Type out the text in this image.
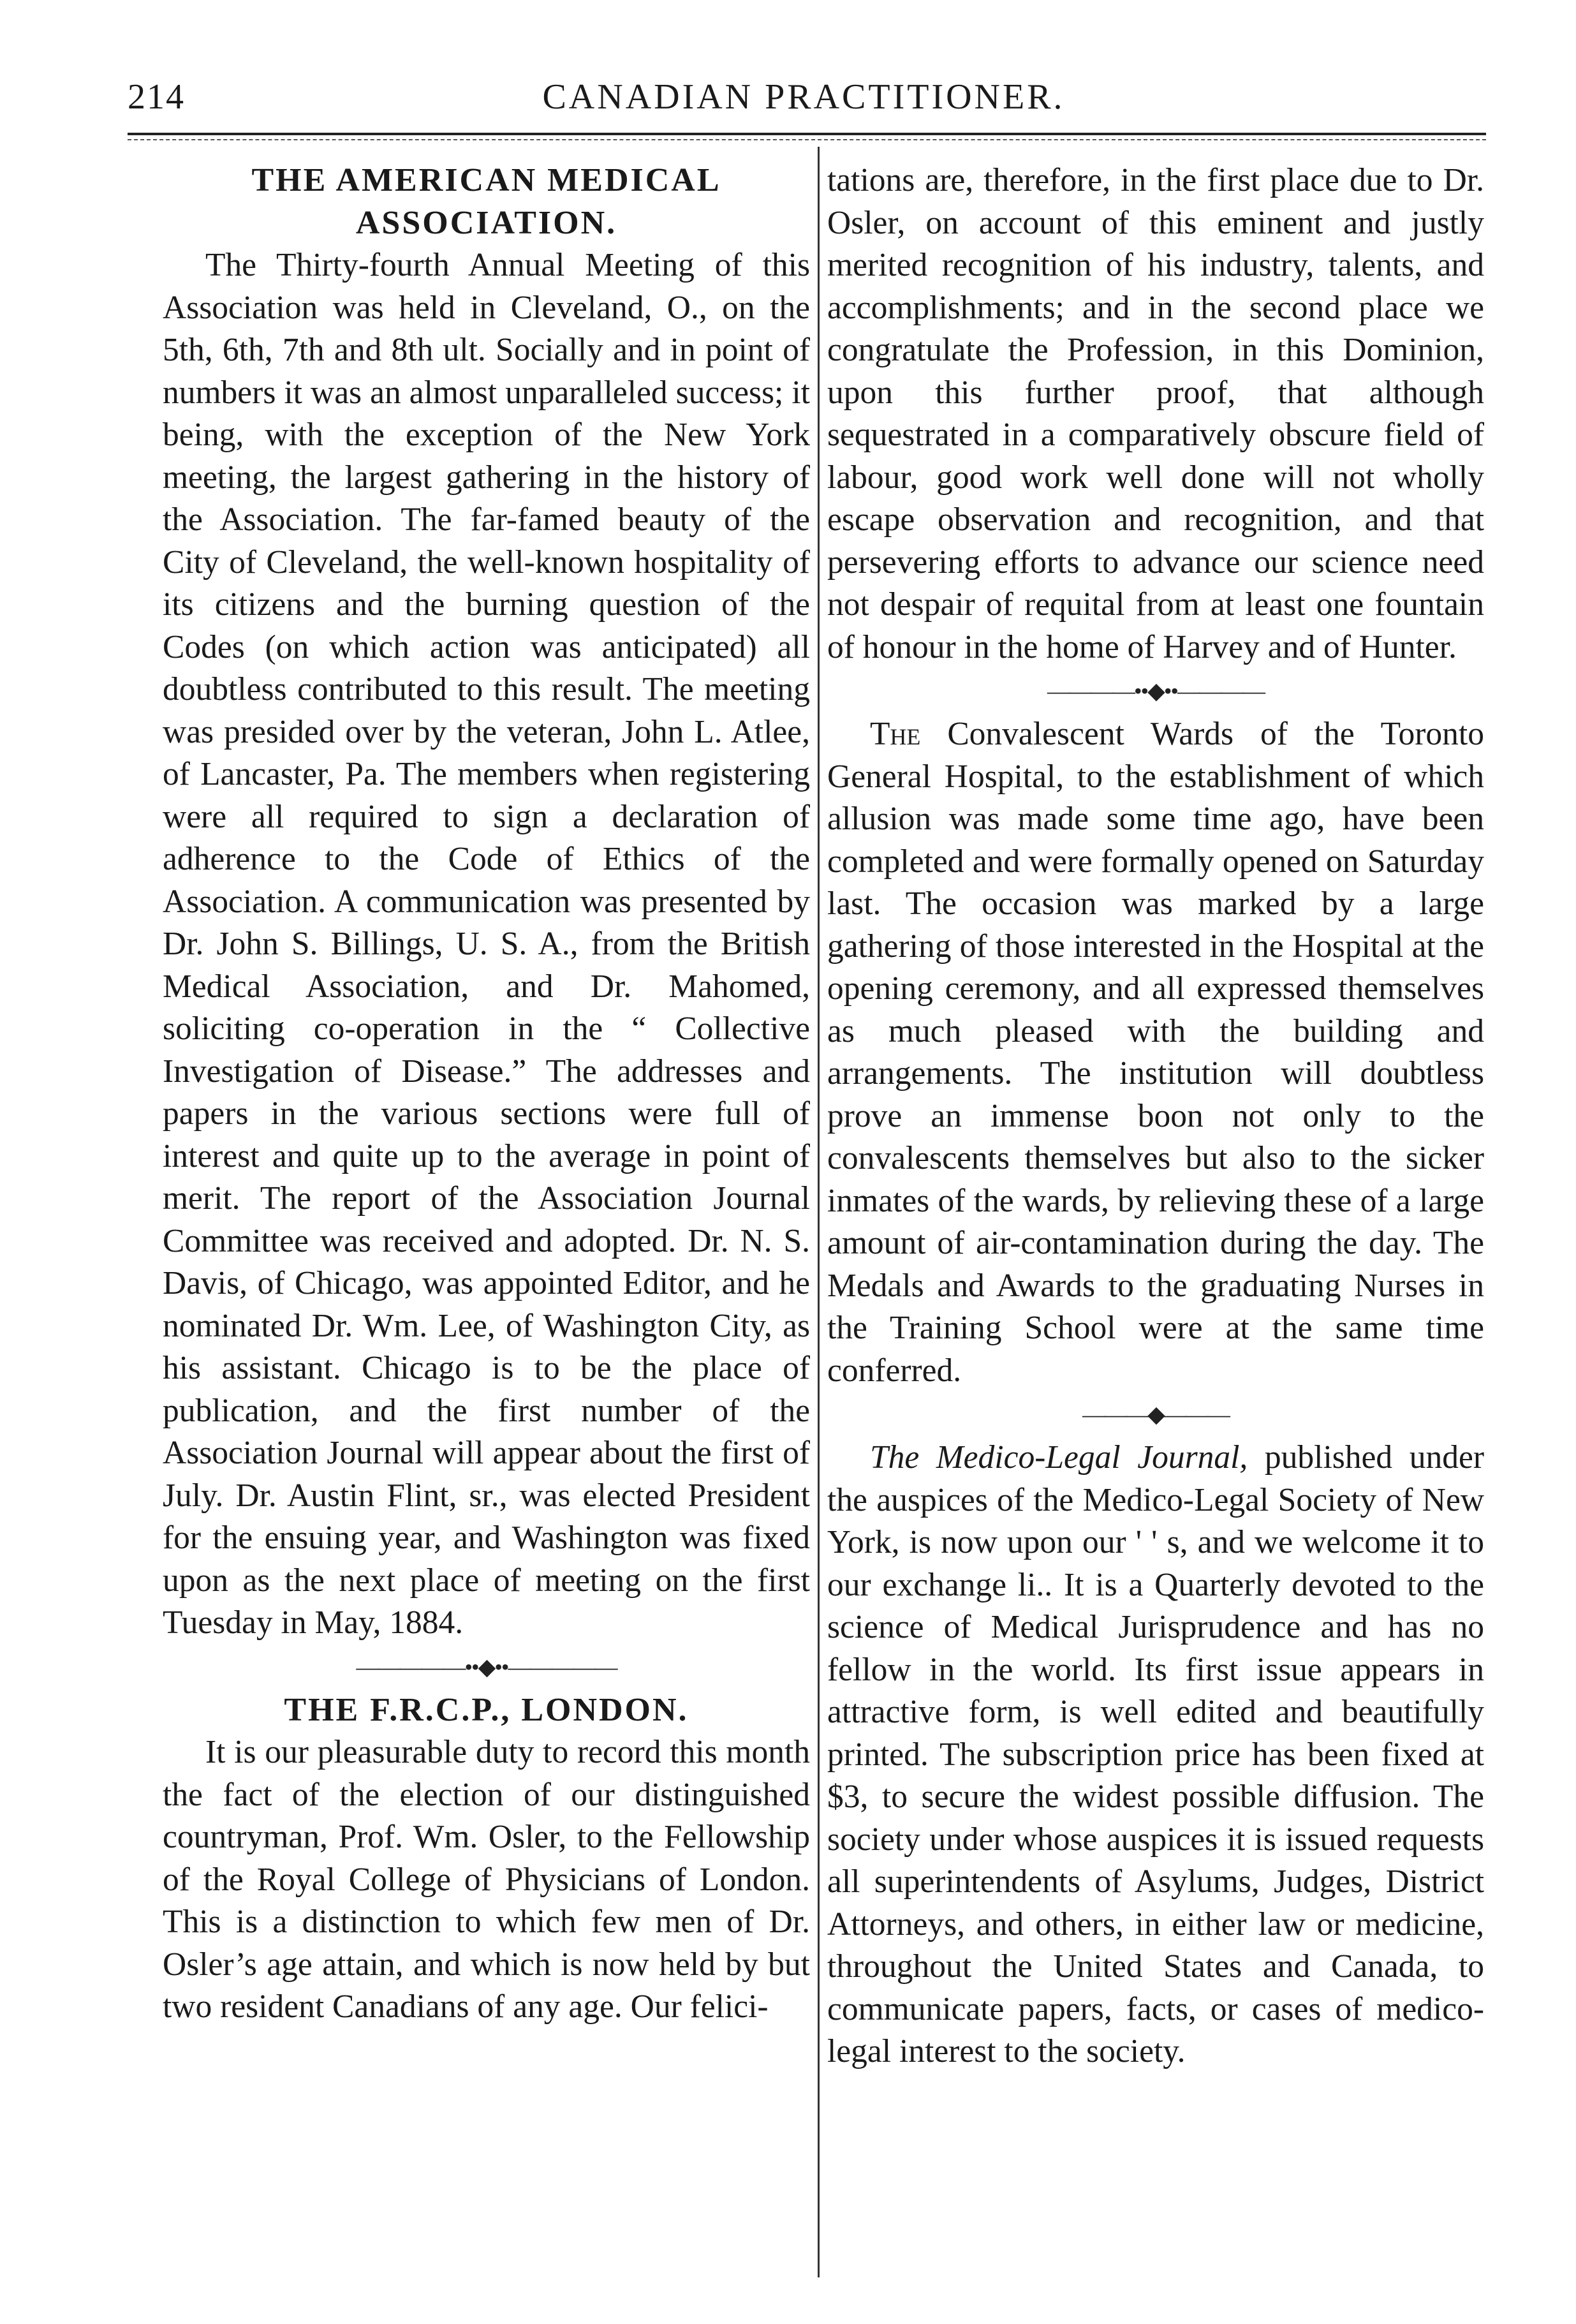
214	CANADIAN PRACTITIONER.
THE AMERICAN MEDICAL ASSOCIATION.

The Thirty-fourth Annual Meeting of this Association was held in Cleveland, O., on the 5th, 6th, 7th and 8th ult. Socially and in point of numbers it was an almost unparalleled success; it being, with the exception of the New York meeting, the largest gathering in the history of the Association. The far-famed beauty of the City of Cleveland, the well-known hospitality of its citizens and the burning question of the Codes (on which action was anticipated) all doubtless contributed to this result. The meeting was presided over by the veteran, John L. Atlee, of Lancaster, Pa. The members when registering were all required to sign a declaration of adherence to the Code of Ethics of the Association. A communication was presented by Dr. John S. Billings, U. S. A., from the British Medical Association, and Dr. Mahomed, soliciting co-operation in the “ Collective Investigation of Disease.” The addresses and papers in the various sections were full of interest and quite up to the average in point of merit. The report of the Association Journal Committee was received and adopted. Dr. N. S. Davis, of Chicago, was appointed Editor, and he nominated Dr. Wm. Lee, of Washington City, as his assistant. Chicago is to be the place of publication, and the first number of the Association Journal will appear about the first of July. Dr. Austin Flint, sr., was elected President for the ensuing year, and Washington was fixed upon as the next place of meeting on the first Tuesday in May, 1884.

—————••◆••—————
THE F.R.C.P., LONDON.

It is our pleasurable duty to record this month the fact of the election of our distinguished countryman, Prof. Wm. Osler, to the Fellowship of the Royal College of Physicians of London. This is a distinction to which few men of Dr. Osler’s age attain, and which is now held by but two resident Canadians of any age. Our felici-

tations are, therefore, in the first place due to Dr. Osler, on account of this eminent and justly merited recognition of his industry, talents, and accomplishments; and in the second place we congratulate the Profession, in this Dominion, upon this further proof, that although sequestrated in a comparatively obscure field of labour, good work well done will not wholly escape observation and recognition, and that persevering efforts to advance our science need not despair of requital from at least one fountain of honour in the home of Harvey and of Hunter.

————••◆••————

The Convalescent Wards of the Toronto General Hospital, to the establishment of which allusion was made some time ago, have been completed and were formally opened on Saturday last. The occasion was marked by a large gathering of those interested in the Hospital at the opening ceremony, and all expressed themselves as much pleased with the building and arrangements. The institution will doubtless prove an immense boon not only to the convalescents themselves but also to the sicker inmates of the wards, by relieving these of a large amount of air-contamination during the day. The Medals and Awards to the graduating Nurses in the Training School were at the same time conferred.

———◆———

The Medico-Legal Journal, published under the auspices of the Medico-Legal Society of New York, is now upon our ' ' s, and we welcome it to our exchange li.. It is a Quarterly devoted to the science of Medical Jurisprudence and has no fellow in the world. Its first issue appears in attractive form, is well edited and beautifully printed. The subscription price has been fixed at $3, to secure the widest possible diffusion. The society under whose auspices it is issued requests all superintendents of Asylums, Judges, District Attorneys, and others, in either law or medicine, throughout the United States and Canada, to communicate papers, facts, or cases of medico-legal interest to the society.
